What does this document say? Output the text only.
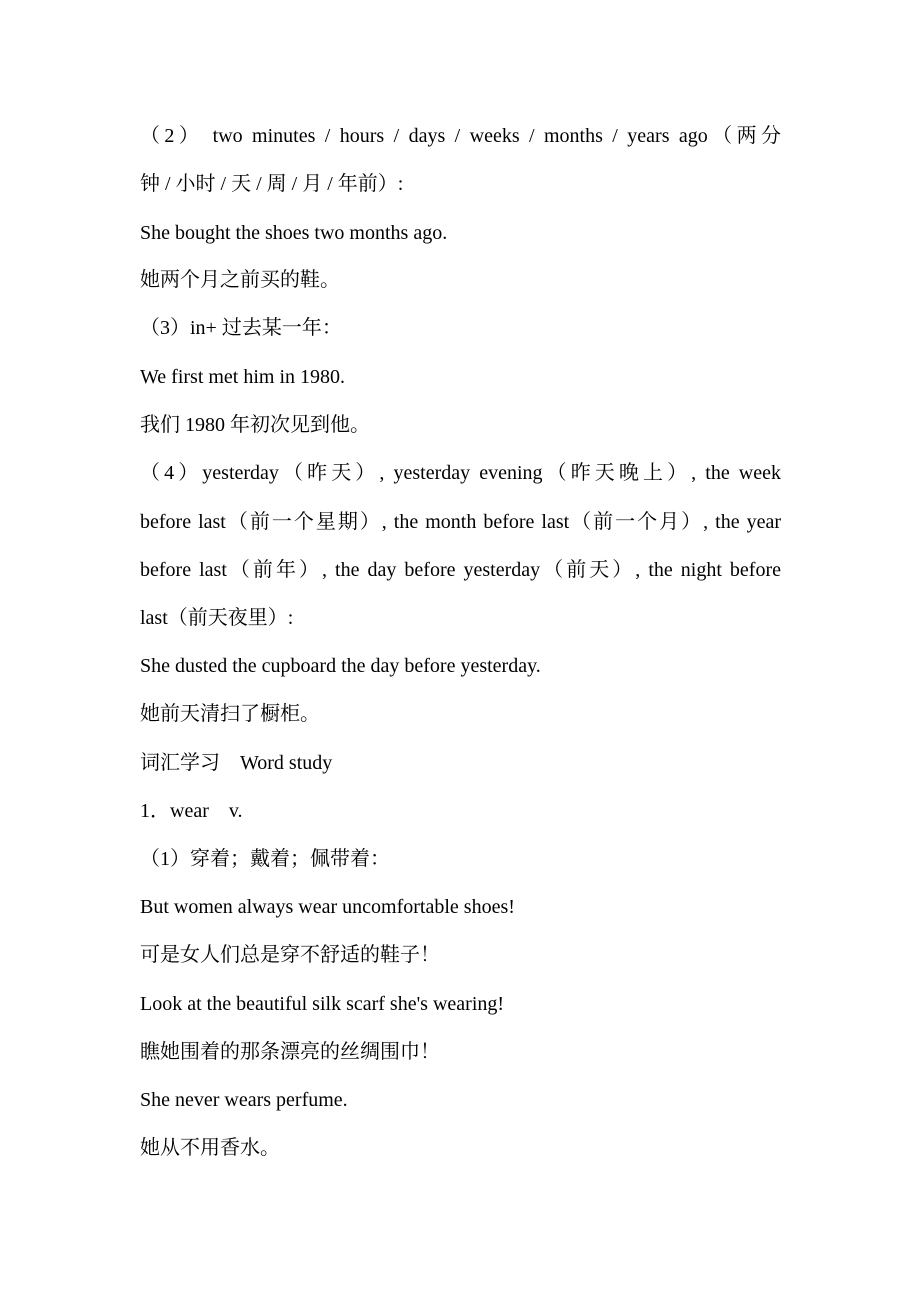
（2） two minutes / hours / days / weeks / months / years ago（两分
钟 / 小时 / 天 / 周 / 月 / 年前）:
She bought the shoes two months ago.
她两个月之前买的鞋。
（3）in+ 过去某一年：
We first met him in 1980.
我们 1980 年初次见到他。
（4）yesterday（昨天）, yesterday evening（昨天晚上）, the week
before last（前一个星期）, the month before last（前一个月）, the year
before last（前年）, the day before yesterday（前天）, the night before
last（前天夜里）:
She dusted the cupboard the day before yesterday.
她前天清扫了橱柜。
词汇学习　Word study
1．wear　v.
（1）穿着；戴着；佩带着：
But women always wear uncomfortable shoes!
可是女人们总是穿不舒适的鞋子！
Look at the beautiful silk scarf she's wearing!
瞧她围着的那条漂亮的丝绸围巾！
She never wears perfume.
她从不用香水。
